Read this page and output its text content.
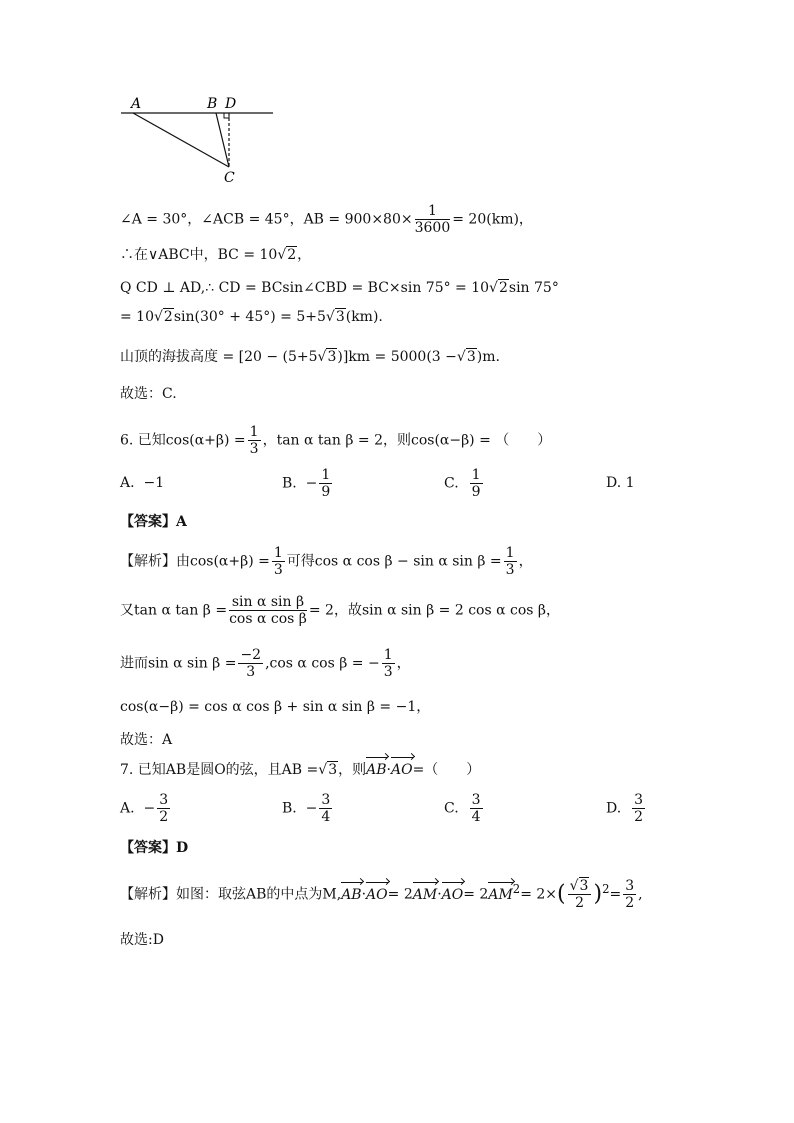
A	B D
C
∠A = 30°，∠ACB = 45°，AB = $900\times 80\times \frac{1}{3600} = 20(km)$，
∴在∨ABC中，BC = 10√2，
Q CD ⊥ AD,∴ CD = BCsin∠CBD = BC×sin 75° = 10√2sin 75°
= 10√2sin(30° + 45°) = 5+5√3(km).
山顶的海拔高度 = [20 − (5+5√3)]km = 5000(3 −√3)m.
故选：C.
6. 已知$\cos(\alpha+\beta) = \frac{1}{3}$ ，tan α tan β = 2，则cos(α−β) = （　　）
A. −1	B. − $\frac{1}{9}$	C. $\frac{1}{9}$	D. 1
【答案】A
【解析】由$\cos(\alpha+\beta) = \frac{1}{3}$ 可得cos α cos β − sin α $\sin \beta = \frac{1}{3}$ ，
又tan α $\tan \beta = \frac{\text{sin α sin β}}{\text{cos α cos β}} = 2$，故sin α sin β = 2 cos α cos β，
进而sin α $\sin \beta = \frac{-2}{3} ,\cos$ α cos β = − $\frac{1}{3}$ ，
cos(α−β) = cos α cos β + sin α sin β = −1，
故选：A
7. 已知AB是圆O的弦，且AB =√3，则AB·AO=（　　）
A. − $\frac{3}{2}$	B. − $\frac{3}{4}$	C. $\frac{3}{4}$	D. $\frac{3}{2}$
【答案】D
【解析】如图：取弦AB的中点为$M,AB\cdot AO= 2AM\cdot AO= 2AM^2= 2\times( \frac{√3}{2} )^2= \frac{3}{2}$ ,
故选:D
